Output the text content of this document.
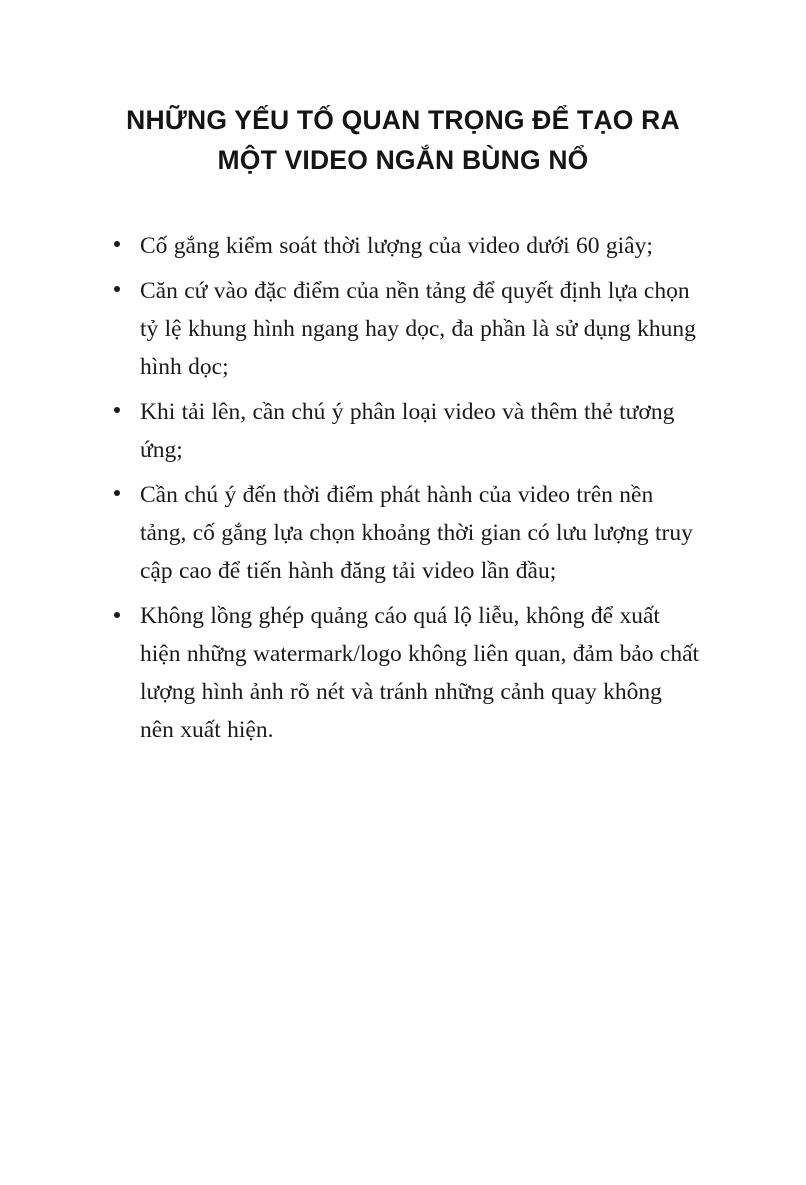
NHỮNG YẾU TỐ QUAN TRỌNG ĐỂ TẠO RA
MỘT VIDEO NGẮN BÙNG NỔ
Cố gắng kiểm soát thời lượng của video dưới 60 giây;
Căn cứ vào đặc điểm của nền tảng để quyết định lựa chọn tỷ lệ khung hình ngang hay dọc, đa phần là sử dụng khung hình dọc;
Khi tải lên, cần chú ý phân loại video và thêm thẻ tương ứng;
Cần chú ý đến thời điểm phát hành của video trên nền tảng, cố gắng lựa chọn khoảng thời gian có lưu lượng truy cập cao để tiến hành đăng tải video lần đầu;
Không lồng ghép quảng cáo quá lộ liễu, không để xuất hiện những watermark/logo không liên quan, đảm bảo chất lượng hình ảnh rõ nét và tránh những cảnh quay không nên xuất hiện.
